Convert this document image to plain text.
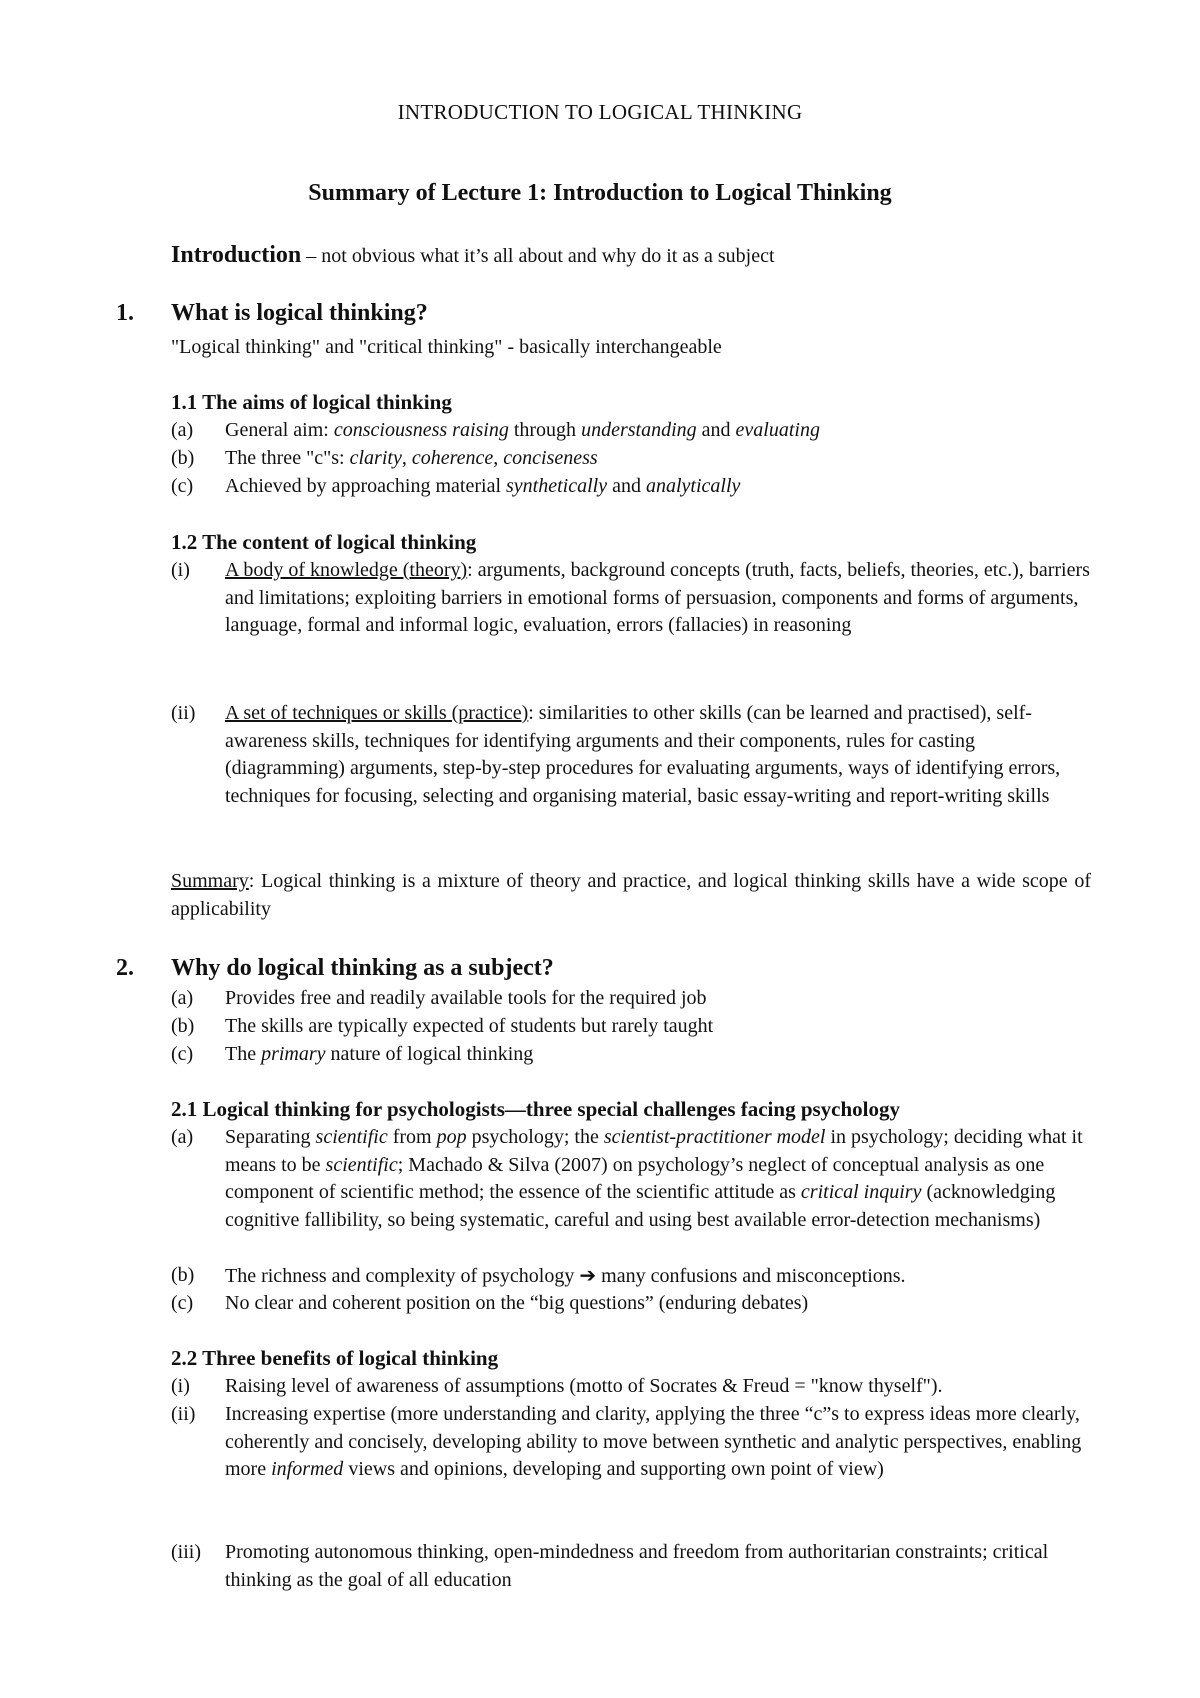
INTRODUCTION TO LOGICAL THINKING
Summary of Lecture 1: Introduction to Logical Thinking
Introduction – not obvious what it’s all about and why do it as a subject
1. What is logical thinking?
"Logical thinking" and "critical thinking" - basically interchangeable
1.1 The aims of logical thinking
(a) General aim: consciousness raising through understanding and evaluating
(b) The three "c"s: clarity, coherence, conciseness
(c) Achieved by approaching material synthetically and analytically
1.2 The content of logical thinking
(i) A body of knowledge (theory): arguments, background concepts (truth, facts, beliefs, theories, etc.), barriers and limitations; exploiting barriers in emotional forms of persuasion, components and forms of arguments, language, formal and informal logic, evaluation, errors (fallacies) in reasoning
(ii) A set of techniques or skills (practice): similarities to other skills (can be learned and practised), self-awareness skills, techniques for identifying arguments and their components, rules for casting (diagramming) arguments, step-by-step procedures for evaluating arguments, ways of identifying errors, techniques for focusing, selecting and organising material, basic essay-writing and report-writing skills
Summary: Logical thinking is a mixture of theory and practice, and logical thinking skills have a wide scope of applicability
2. Why do logical thinking as a subject?
(a) Provides free and readily available tools for the required job
(b) The skills are typically expected of students but rarely taught
(c) The primary nature of logical thinking
2.1 Logical thinking for psychologists—three special challenges facing psychology
(a) Separating scientific from pop psychology; the scientist-practitioner model in psychology; deciding what it means to be scientific; Machado & Silva (2007) on psychology’s neglect of conceptual analysis as one component of scientific method; the essence of the scientific attitude as critical inquiry (acknowledging cognitive fallibility, so being systematic, careful and using best available error-detection mechanisms)
(b) The richness and complexity of psychology ➔ many confusions and misconceptions.
(c) No clear and coherent position on the “big questions” (enduring debates)
2.2 Three benefits of logical thinking
(i) Raising level of awareness of assumptions (motto of Socrates & Freud = "know thyself").
(ii) Increasing expertise (more understanding and clarity, applying the three “c”s to express ideas more clearly, coherently and concisely, developing ability to move between synthetic and analytic perspectives, enabling more informed views and opinions, developing and supporting own point of view)
(iii) Promoting autonomous thinking, open-mindedness and freedom from authoritarian constraints; critical thinking as the goal of all education
